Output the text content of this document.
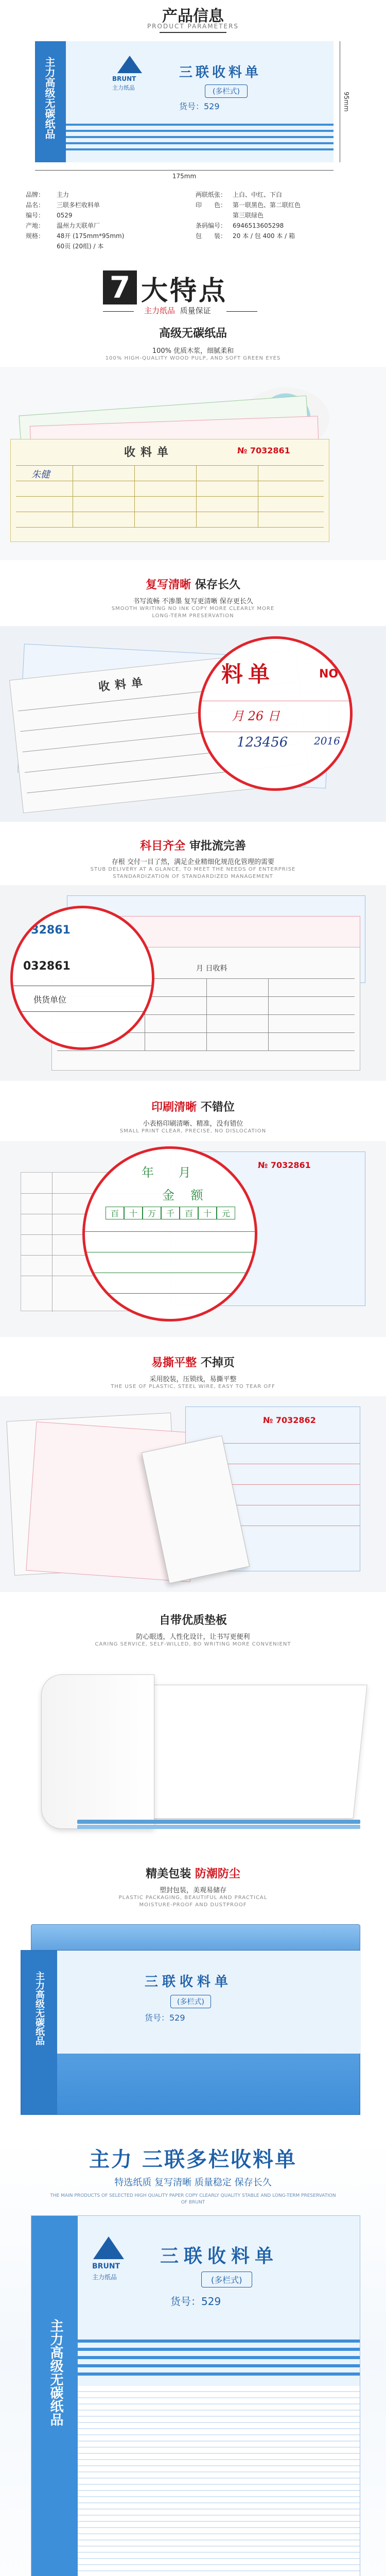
产品信息
PRODUCT PARAMETERS
主力高级无碳纸品	BRUNT
主力纸品
三联收料单
(多栏式)
货号：529
175mm
95mm
品牌：	主力
品名：	三联多栏收料单
编号：	0529
产地：	温州力天联单厂
规格：	48开 (175mm*95mm)
60页 (20组) / 本
两联纸张： 上白、中红、下白
印　　色： 第一联黑色、第二联红色
第三联绿色
条码编号： 6946513605298
包　　装： 20 本 / 包 400 本 / 箱
7 大特点
主力纸品 质量保证
高级无碳纸品
100% 优质木浆，细腻柔和
100% HIGH-QUALITY WOOD PULP, AND SOFT GREEN EYES
收料单	№ 7032861
朱健
复写清晰 保存长久
书写流畅 不渗墨 复写更清晰 保存更长久
SMOOTH WRITING NO INK COPY MORE CLEARLY MORE
LONG-TERM PRESERVATION
收料单	料单	NO
月 26 日
123456	2016
科目齐全 审批流完善
存根 交付一目了然，满足企业精细化规范化管理的需要
STUB DELIVERY AT A GLANCE, TO MEET THE NEEDS OF ENTERPRISE
STANDARDIZATION OF STANDARDIZED MANAGEMENT
月 日收料
032861
032861
供货单位
印刷清晰 不错位
小表格印刷清晰、精准，没有错位
SMALL PRINT CLEAR, PRECISE, NO DISLOCATION
№ 7032861
年 月
金 额
百	十	万	千	百	十	元
易撕平整 不掉页
采用胶装，压锁线，易撕平整
THE USE OF PLASTIC, STEEL WIRE, EASY TO TEAR OFF
№ 7032862
自带优质垫板
防心眼透，人性化设计，让书写更便利
CARING SERVICE, SELF-WILLED, BO WRITING MORE CONVENIENT
精美包装 防潮防尘
塑封包装，美观易储存
PLASTIC PACKAGING, BEAUTIFUL AND PRACTICAL
MOISTURE-PROOF AND DUSTPROOF
主力高级无碳纸品	三联收料单
(多栏式)
货号：529
主力 三联多栏收料单
特选纸质 复写清晰 质量稳定 保存长久
THE MAIN PRODUCTS OF SELECTED HIGH QUALITY PAPER COPY CLEARLY QUALITY STABLE AND LONG-TERM PRESERVATION OF BRUNT
主力高级无碳纸品
BRUNT
主力纸品
三联收料单
(多栏式)
货号：529
